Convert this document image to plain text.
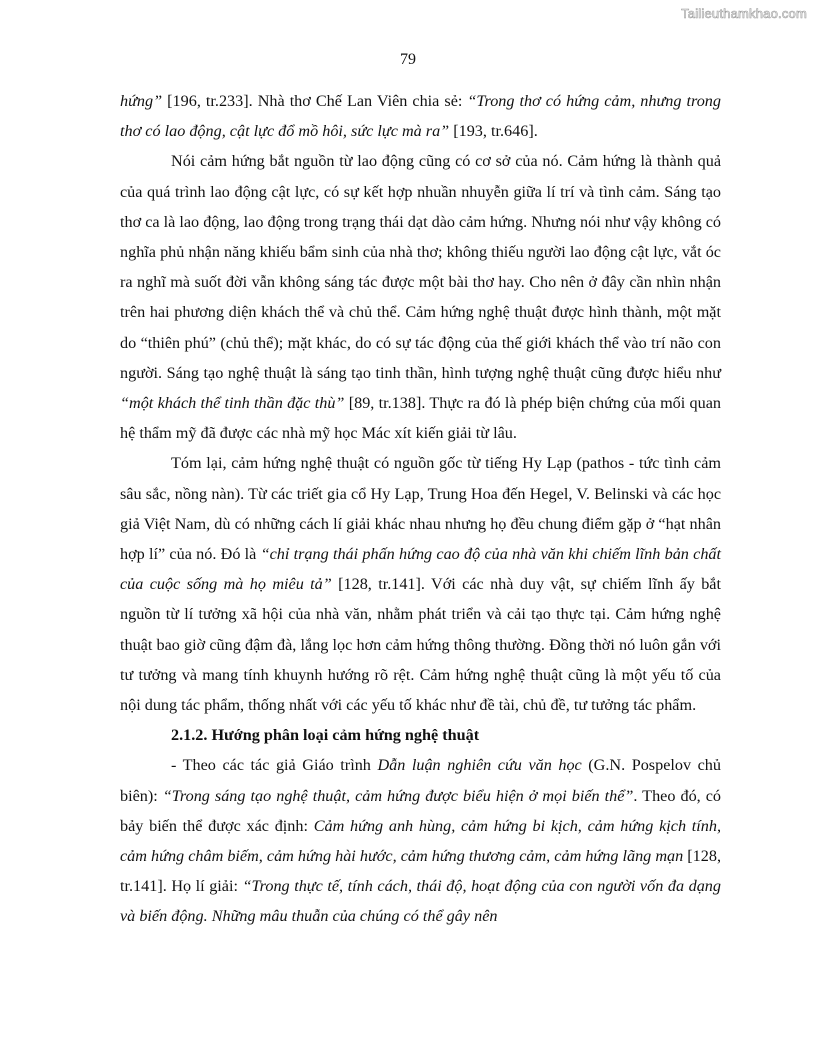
Tailieuthamkhao.com
79

hứng” [196, tr.233]. Nhà thơ Chế Lan Viên chia sẻ: “Trong thơ có hứng cảm, nhưng trong thơ có lao động, cật lực đổ mồ hôi, sức lực mà ra” [193, tr.646].

Nói cảm hứng bắt nguồn từ lao động cũng có cơ sở của nó. Cảm hứng là thành quả của quá trình lao động cật lực, có sự kết hợp nhuần nhuyễn giữa lí trí và tình cảm. Sáng tạo thơ ca là lao động, lao động trong trạng thái dạt dào cảm hứng. Nhưng nói như vậy không có nghĩa phủ nhận năng khiếu bẩm sinh của nhà thơ; không thiếu người lao động cật lực, vắt óc ra nghĩ mà suốt đời vẫn không sáng tác được một bài thơ hay. Cho nên ở đây cần nhìn nhận trên hai phương diện khách thể và chủ thể. Cảm hứng nghệ thuật được hình thành, một mặt do “thiên phú” (chủ thể); mặt khác, do có sự tác động của thế giới khách thể vào trí não con người. Sáng tạo nghệ thuật là sáng tạo tinh thần, hình tượng nghệ thuật cũng được hiểu như “một khách thể tinh thần đặc thù” [89, tr.138]. Thực ra đó là phép biện chứng của mối quan hệ thẩm mỹ đã được các nhà mỹ học Mác xít kiến giải từ lâu.

Tóm lại, cảm hứng nghệ thuật có nguồn gốc từ tiếng Hy Lạp (pathos - tức tình cảm sâu sắc, nồng nàn). Từ các triết gia cổ Hy Lạp, Trung Hoa đến Hegel, V. Belinski và các học giả Việt Nam, dù có những cách lí giải khác nhau nhưng họ đều chung điểm gặp ở “hạt nhân hợp lí” của nó. Đó là “chỉ trạng thái phấn hứng cao độ của nhà văn khi chiếm lĩnh bản chất của cuộc sống mà họ miêu tả” [128, tr.141]. Với các nhà duy vật, sự chiếm lĩnh ấy bắt nguồn từ lí tưởng xã hội của nhà văn, nhằm phát triển và cải tạo thực tại. Cảm hứng nghệ thuật bao giờ cũng đậm đà, lắng lọc hơn cảm hứng thông thường. Đồng thời nó luôn gắn với tư tưởng và mang tính khuynh hướng rõ rệt. Cảm hứng nghệ thuật cũng là một yếu tố của nội dung tác phẩm, thống nhất với các yếu tố khác như đề tài, chủ đề, tư tưởng tác phẩm.

2.1.2. Hướng phân loại cảm hứng nghệ thuật

- Theo các tác giả Giáo trình Dẫn luận nghiên cứu văn học (G.N. Pospelov chủ biên): “Trong sáng tạo nghệ thuật, cảm hứng được biểu hiện ở mọi biến thể”. Theo đó, có bảy biến thể được xác định: Cảm hứng anh hùng, cảm hứng bi kịch, cảm hứng kịch tính, cảm hứng châm biếm, cảm hứng hài hước, cảm hứng thương cảm, cảm hứng lãng mạn [128, tr.141]. Họ lí giải: “Trong thực tế, tính cách, thái độ, hoạt động của con người vốn đa dạng và biến động. Những mâu thuẫn của chúng có thể gây nên
